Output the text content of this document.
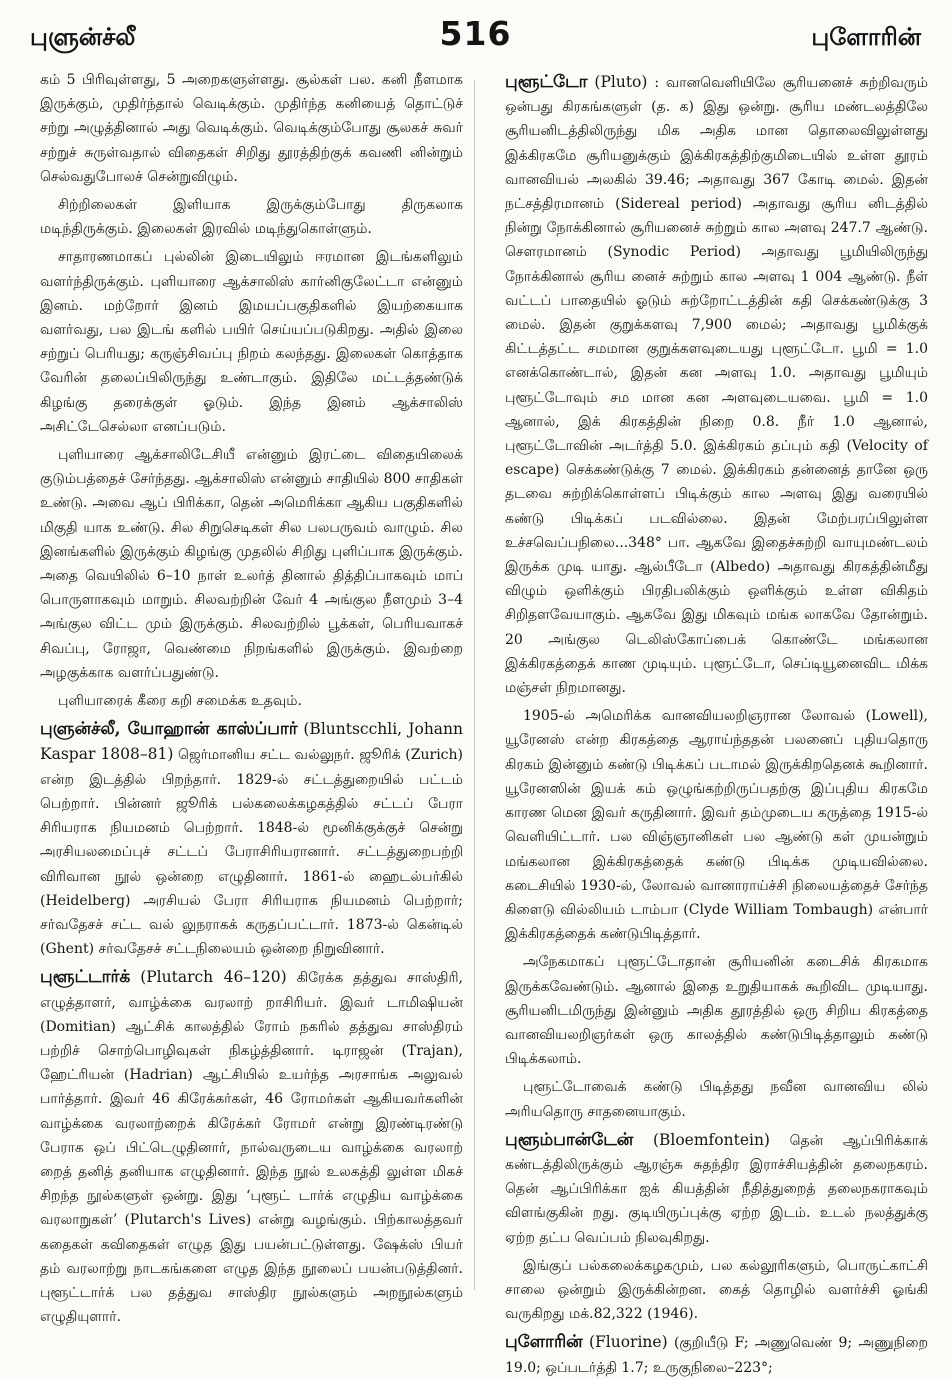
புளுன்ச்லீ	516	புளோரின்

கம் 5 பிரிவுள்ளது, 5 அறைகளுள்ளது. சூல்கள் பல. கனி நீளமாக இருக்கும், முதிர்ந்தால் வெடிக்கும். முதிர்ந்த கனியைத் தொட்டுச் சற்று அழுத்தினால் அது வெடிக்கும். வெடிக்கும்போது சூலகச் சுவர் சற்றுச் சுருள்வதால் விதைகள் சிறிது தூரத்திற்குக் கவணி னின்றும் செல்வதுபோலச் சென்றுவிழும்.

சிற்றிலைகள் இளியாக இருக்கும்போது திருகலாக மடிந்திருக்கும். இலைகள் இரவில் மடிந்துகொள்ளும்.

சாதாரணமாகப் புல்லின் இடையிலும் ஈரமான இடங்களிலும் வளர்ந்திருக்கும். புளியாரை ஆக்சாலிஸ் கார்னிகுலேட்டா என்னும் இனம். மற்றோர் இனம் இமயப்பகுதிகளில் இயற்கையாக வளர்வது, பல இடங் களில் பயிர் செய்யப்படுகிறது. அதில் இலை சற்றுப் பெரியது; கருஞ்சிவப்பு நிறம் கலந்தது. இலைகள் கொத்தாக வேரின் தலைப்பிலிருந்து உண்டாகும். இதிலே மட்டத்தண்டுக் கிழங்கு தரைக்குள் ஓடும். இந்த இனம் ஆக்சாலிஸ் அசிட்டேசெல்லா எனப்படும்.

புளியாரை ஆக்சாலிடேசியீ என்னும் இரட்டை விதையிலைக் குடும்பத்தைச் சேர்ந்தது. ஆக்சாலிஸ் என்னும் சாதியில் 800 சாதிகள் உண்டு. அவை ஆப் பிரிக்கா, தென் அமெரிக்கா ஆகிய பகுதிகளில் மிகுதி யாக உண்டு. சில சிறுசெடிகள் சில பலபருவம் வாழும். சில இனங்களில் இருக்கும் கிழங்கு முதலில் சிறிது புளிப்பாக இருக்கும். அதை வெயிலில் 6–10 நாள் உலர்த் தினால் தித்திப்பாகவும் மாப் பொருளாகவும் மாறும். சிலவற்றின் வேர் 4 அங்குல நீளமும் 3–4 அங்குல விட்ட மும் இருக்கும். சிலவற்றில் பூக்கள், பெரியவாகச் சிவப்பு, ரோஜா, வெண்மை நிறங்களில் இருக்கும். இவற்றை அழகுக்காக வளர்ப்பதுண்டு.

புளியாரைக் கீரை கறி சமைக்க உதவும்.

புளுன்ச்லீ, யோஹான் காஸ்ப்பார் (Bluntscchli, Johann Kaspar 1808–81) ஜெர்மானிய சட்ட வல்லுநர். ஜூரிக் (Zurich) என்ற இடத்தில் பிறந்தார். 1829-ல் சட்டத்துறையில் பட்டம் பெற்றார். பின்னர் ஜூரிக் பல்கலைக்கழகத்தில் சட்டப் பேரா சிரியராக நியமனம் பெற்றார். 1848-ல் மூனிக்குக்குச் சென்று அரசியலமைப்புச் சட்டப் பேராசிரியரானார். சட்டத்துறைபற்றி விரிவான நூல் ஒன்றை எழுதினார். 1861-ல் ஹைடல்பர்கில் (Heidelberg) அரசியல் பேரா சிரியராக நியமனம் பெற்றார்; சர்வதேசச் சட்ட வல் லுநராகக் கருதப்பட்டார். 1873-ல் கென்டில் (Ghent) சர்வதேசச் சட்டநிலையம் ஒன்றை நிறுவினார்.

புளூட்டார்க் (Plutarch 46–120) கிரேக்க தத்துவ சாஸ்திரி, எழுத்தாளர், வாழ்க்கை வரலாற் றாசிரியர். இவர் டாமிஷியன் (Domitian) ஆட்சிக் காலத்தில் ரோம் நகரில் தத்துவ சாஸ்திரம் பற்றிச் சொற்பொழிவுகள் நிகழ்த்தினார். டிராஜன் (Trajan), ஹேட்ரியன் (Hadrian) ஆட்சியில் உயர்ந்த அரசாங்க அலுவல் பார்த்தார். இவர் 46 கிரேக்கர்கள், 46 ரோமர்கள் ஆகியவர்களின் வாழ்க்கை வரலாற்றைக் கிரேக்கர் ரோமர் என்று இரண்டிரண்டு பேராக ஒப் பிட்டெழுதினார், நால்வருடைய வாழ்க்கை வரலாற் றைத் தனித் தனியாக எழுதினார். இந்த நூல் உலகத்தி லுள்ள மிகச் சிறந்த நூல்களுள் ஒன்று. இது ‘புளூட் டார்க் எழுதிய வாழ்க்கை வரலாறுகள்’ (Plutarch's Lives) என்று வழங்கும். பிற்காலத்தவர் கதைகள் கவிதைகள் எழுத இது பயன்பட்டுள்ளது. ஷேக்ஸ் பியர் தம் வரலாற்று நாடகங்களை எழுத இந்த நூலைப் பயன்படுத்தினர். புளூட்டார்க் பல தத்துவ சாஸ்திர நூல்களும் அறநூல்களும் எழுதியுளார்.

புளூட்டோ (Pluto) : வானவெளியிலே சூரியனைச் சுற்றிவரும் ஒன்பது கிரகங்களுள் (த. க) இது ஒன்று. சூரிய மண்டலத்திலே சூரியனிடத்திலிருந்து மிக அதிக மான தொலைவிலுள்ளது இக்கிரகமே சூரியனுக்கும் இக்கிரகத்திற்குமிடையில் உள்ள தூரம் வானவியல் அலகில் 39.46; அதாவது 367 கோடி மைல். இதன் நட்சத்திரமானம் (Sidereal period) அதாவது சூரிய னிடத்தில் நின்று நோக்கினால் சூரியனைச் சுற்றும் கால அளவு 247.7 ஆண்டு. சௌரமானம் (Synodic Period) அதாவது பூமியிலிருந்து நோக்கினால் சூரிய னைச் சுற்றும் கால அளவு 1 004 ஆண்டு. நீள் வட்டப் பாதையில் ஓடும் சுற்றோட்டத்தின் கதி செக்கண்டுக்கு 3 மைல். இதன் குறுக்களவு 7,900 மைல்; அதாவது பூமிக்குக் கிட்டத்தட்ட சமமான குறுக்களவுடையது புளூட்டோ. பூமி = 1.0 எனக்கொண்டால், இதன் கன அளவு 1.0. அதாவது பூமியும் புளூட்டோவும் சம மான கன அளவுடையவை. பூமி = 1.0 ஆனால், இக் கிரகத்தின் நிறை 0.8. நீர் 1.0 ஆனால், புளூட்டோவின் அடர்த்தி 5.0. இக்கிரகம் தப்பும் கதி (Velocity of escape) செக்கண்டுக்கு 7 மைல். இக்கிரகம் தன்னைத் தானே ஒரு தடவை சுற்றிக்கொள்ளப் பிடிக்கும் கால அளவு இது வரையில் கண்டு பிடிக்கப் படவில்லை. இதன் மேற்பரப்பிலுள்ள உச்சவெப்பநிலை...348° பா. ஆகவே இதைச்சுற்றி வாயுமண்டலம் இருக்க முடி யாது. ஆல்பீடோ (Albedo) அதாவது கிரகத்தின்மீது விழும் ஒளிக்கும் பிரதிபலிக்கும் ஒளிக்கும் உள்ள விகிதம் சிறிதளவேயாகும். ஆகவே இது மிகவும் மங்க லாகவே தோன்றும். 20 அங்குல டெலிஸ்கோப்பைக் கொண்டே மங்கலான இக்கிரகத்தைக் காண முடியும். புளூட்டோ, செப்டியூனைவிட மிக்க மஞ்சள் நிறமானது.

1905-ல் அமெரிக்க வானவியலறிஞரான லோவல் (Lowell), யூரேனஸ் என்ற கிரகத்தை ஆராய்ந்ததன் பலனைப் புதியதொரு கிரகம் இன்னும் கண்டு பிடிக்கப் படாமல் இருக்கிறதெனக் கூறினார். யூரேனஸின் இயக் கம் ஒழுங்கற்றிருப்பதற்கு இப்புதிய கிரகமே காரண மென இவர் கருதினார். இவர் தம்முடைய கருத்தை 1915-ல் வெளியிட்டார். பல விஞ்ஞானிகள் பல ஆண்டு கள் முயன்றும் மங்கலான இக்கிரகத்தைக் கண்டு பிடிக்க முடியவில்லை. கடைசியில் 1930-ல், லோவல் வானாராய்ச்சி நிலையத்தைச் சேர்ந்த கிளைடு வில்லியம் டாம்பா (Clyde William Tombaugh) என்பார் இக்கிரகத்தைக் கண்டுபிடித்தார்.

அநேகமாகப் புளூட்டோதான் சூரியனின் கடைசிக் கிரகமாக இருக்கவேண்டும். ஆனால் இதை உறுதியாகக் கூறிவிட முடியாது. சூரியனிடமிருந்து இன்னும் அதிக தூரத்தில் ஒரு சிறிய கிரகத்தை வானவியலறிஞர்கள் ஒரு காலத்தில் கண்டுபிடித்தாலும் கண்டு பிடிக்கலாம்.

புளூட்டோவைக் கண்டு பிடித்தது நவீன வானவிய லில் அரியதொரு சாதனையாகும்.

புளூம்பான்டேன் (Bloemfontein) தென் ஆப்பிரிக்காக் கண்டத்திலிருக்கும் ஆரஞ்சு சுதந்திர இராச்சியத்தின் தலைநகரம். தென் ஆப்பிரிக்கா ஐக் கியத்தின் நீதித்துறைத் தலைநகராகவும் விளங்குகின் றது. குடியிருப்புக்கு ஏற்ற இடம். உடல் நலத்துக்கு ஏற்ற தட்ப வெப்பம் நிலவுகிறது.

இங்குப் பல்கலைக்கழகமும், பல கல்லூரிகளும், பொருட்காட்சி சாலை ஒன்றும் இருக்கின்றன. கைத் தொழில் வளர்ச்சி ஓங்கி வருகிறது மக்.82,322 (1946).

புளோரின் (Fluorine) (குறியீடு F; அணுவெண் 9; அணுநிறை 19.0; ஒப்படர்த்தி 1.7; உருகுநிலை–223°;
